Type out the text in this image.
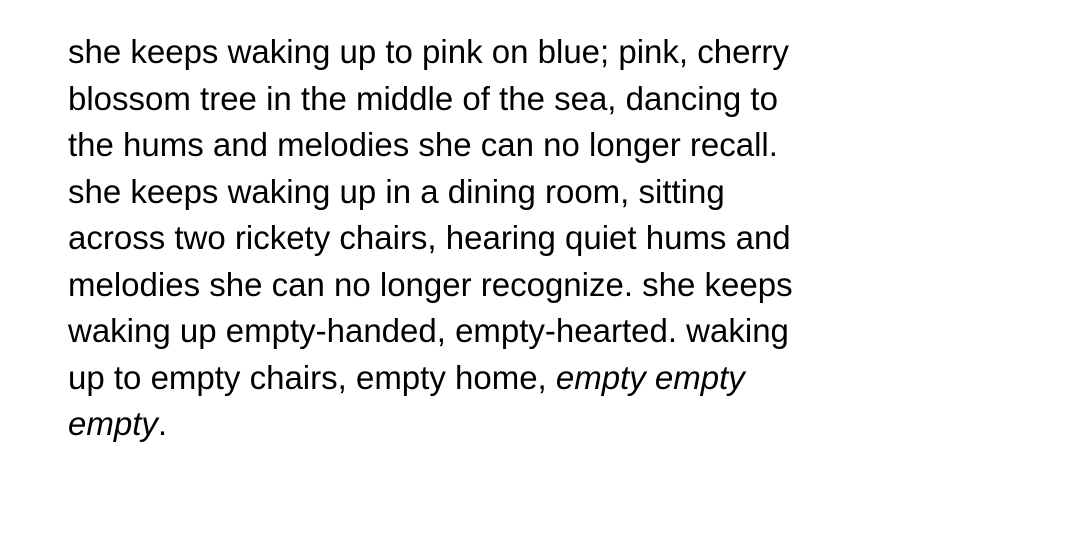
she keeps waking up to pink on blue; pink, cherry
blossom tree in the middle of the sea, dancing to
the hums and melodies she can no longer recall.
she keeps waking up in a dining room, sitting
across two rickety chairs, hearing quiet hums and
melodies she can no longer recognize. she keeps
waking up empty-handed, empty-hearted. waking
up to empty chairs, empty home, empty empty
empty.
